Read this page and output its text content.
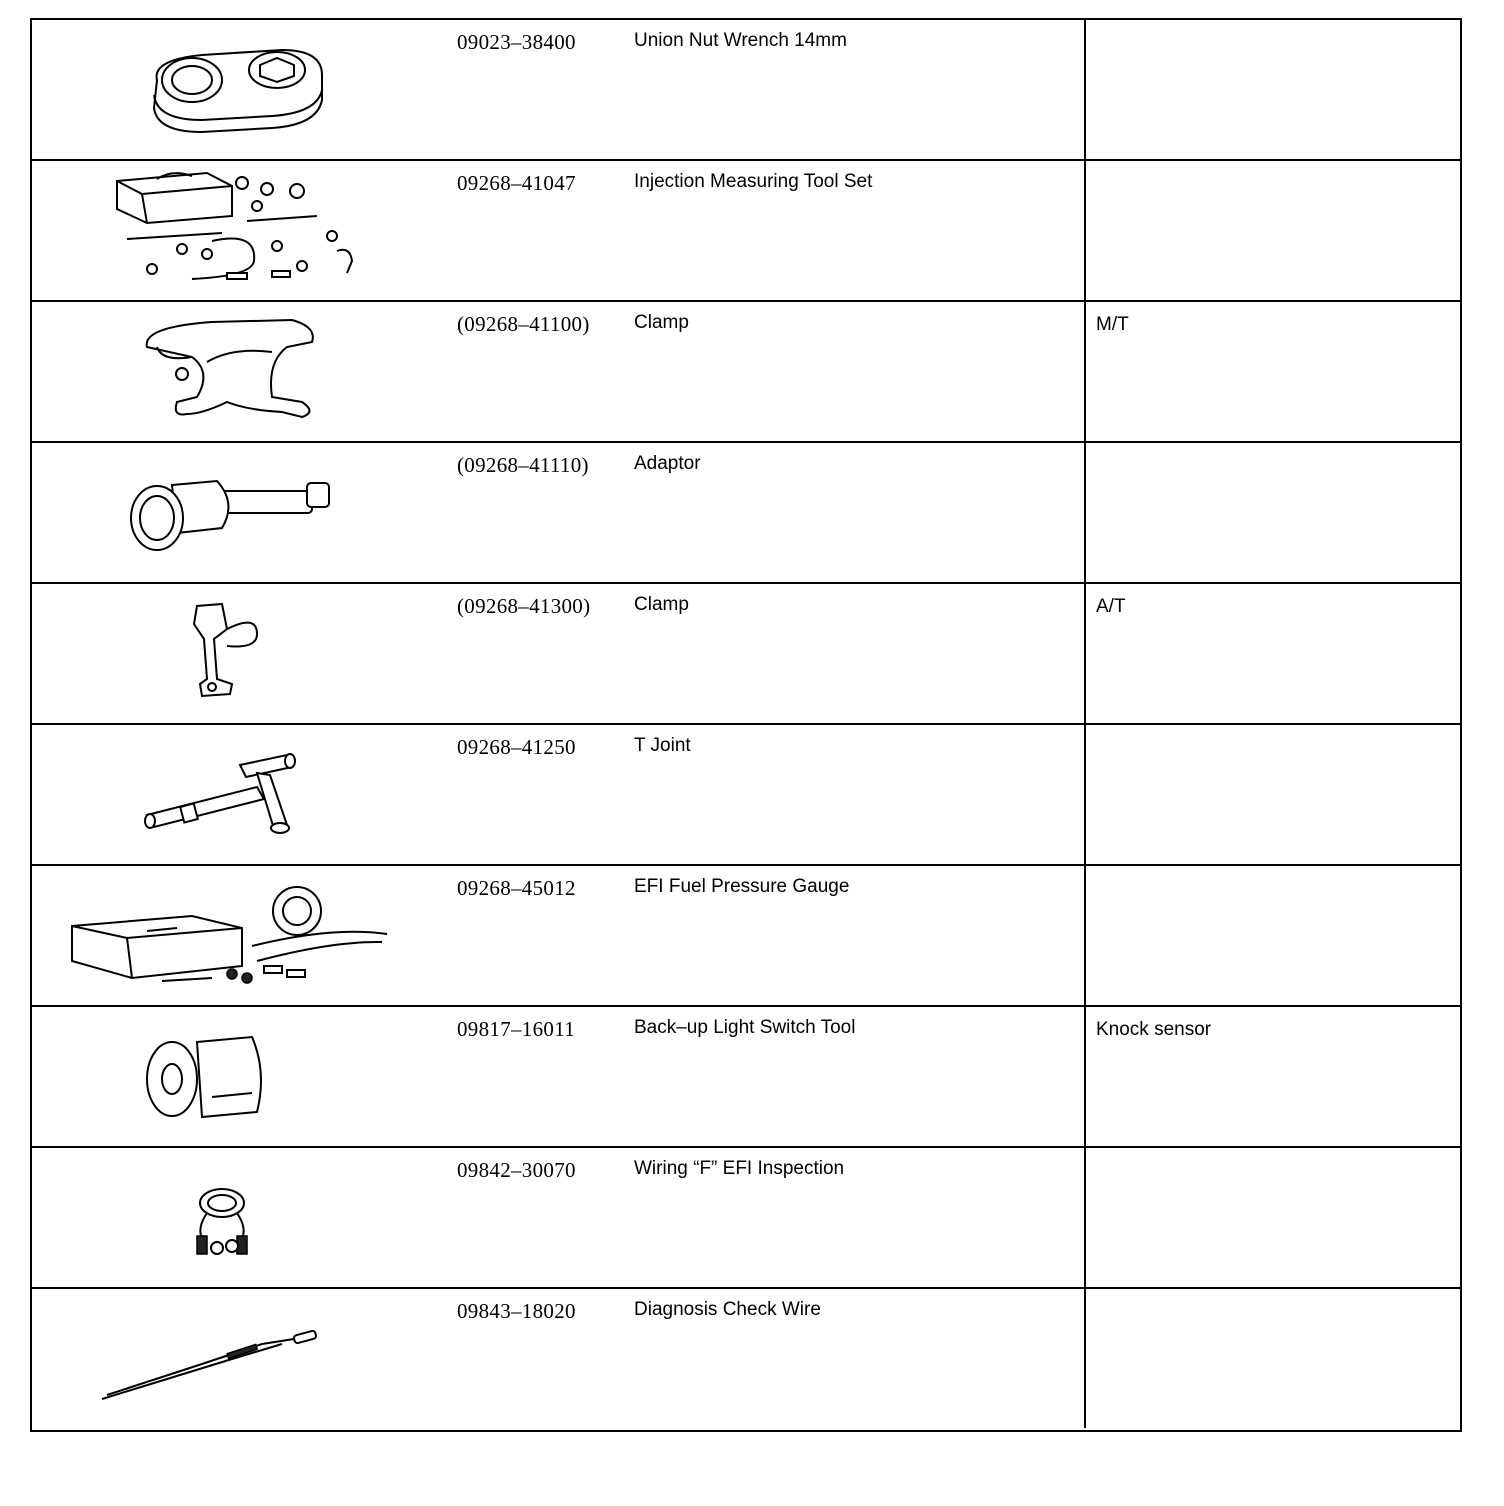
09023–38400	Union Nut Wrench 14mm
09268–41047	Injection Measuring Tool Set
(09268–41100) Clamp	M/T
(09268–41110) Adaptor
(09268–41300) Clamp	A/T
09268–41250	T Joint
09268–45012	EFI Fuel Pressure Gauge
09817–16011	Back–up Light Switch Tool	Knock sensor
09842–30070	Wiring “F” EFI Inspection
09843–18020	Diagnosis Check Wire
